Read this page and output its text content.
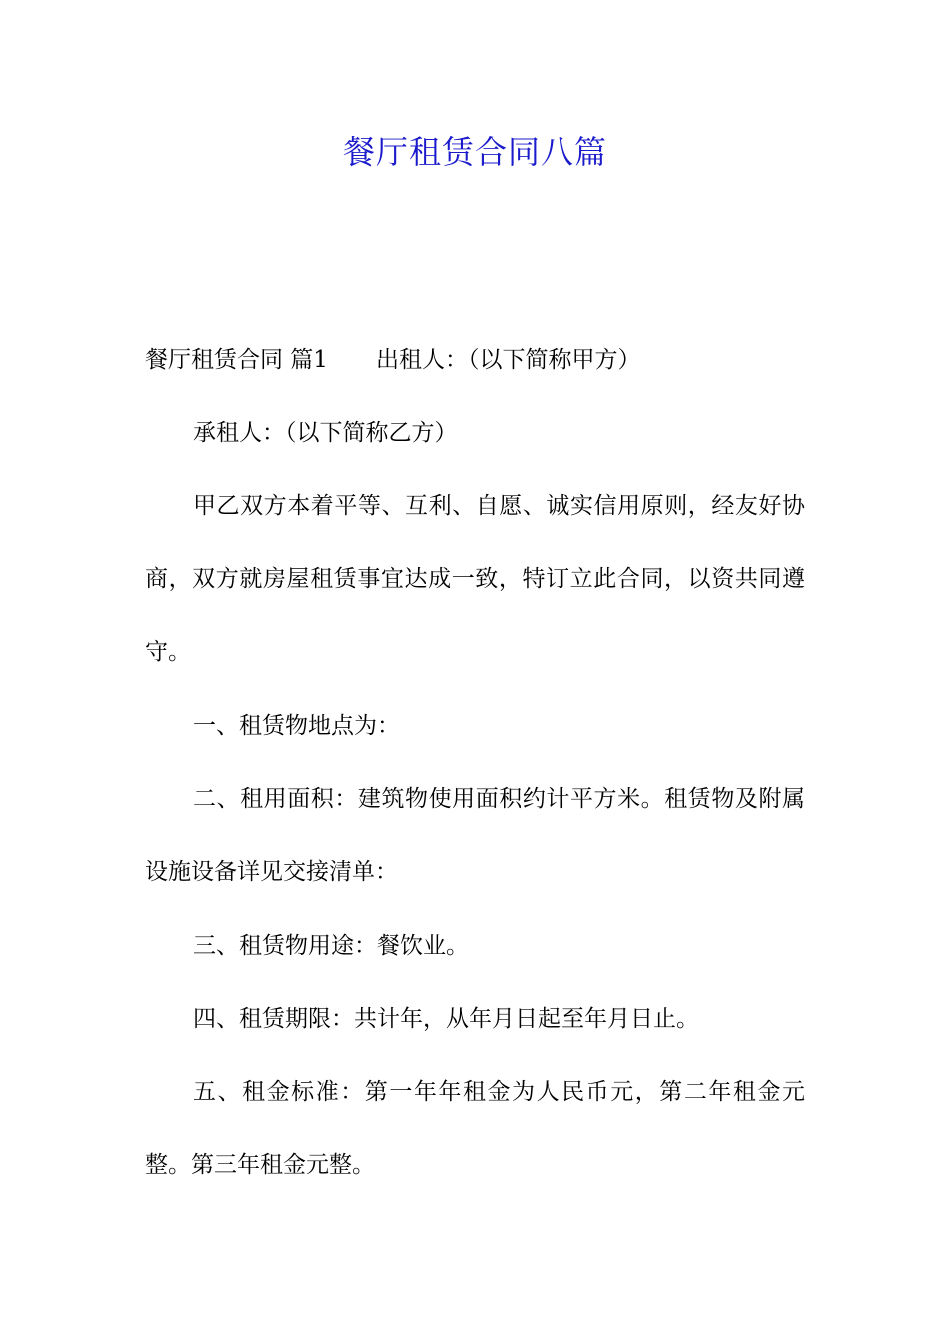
餐厅租赁合同八篇
餐厅租赁合同 篇1 出租人：（以下简称甲方）

承租人：（以下简称乙方）

甲乙双方本着平等、互利、自愿、诚实信用原则，经友好协商，双方就房屋租赁事宜达成一致，特订立此合同，以资共同遵守。

一、租赁物地点为：

二、租用面积：建筑物使用面积约计平方米。租赁物及附属设施设备详见交接清单：

三、租赁物用途：餐饮业。

四、租赁期限：共计年，从年月日起至年月日止。

五、租金标准：第一年年租金为人民币元，第二年租金元整。第三年租金元整。
